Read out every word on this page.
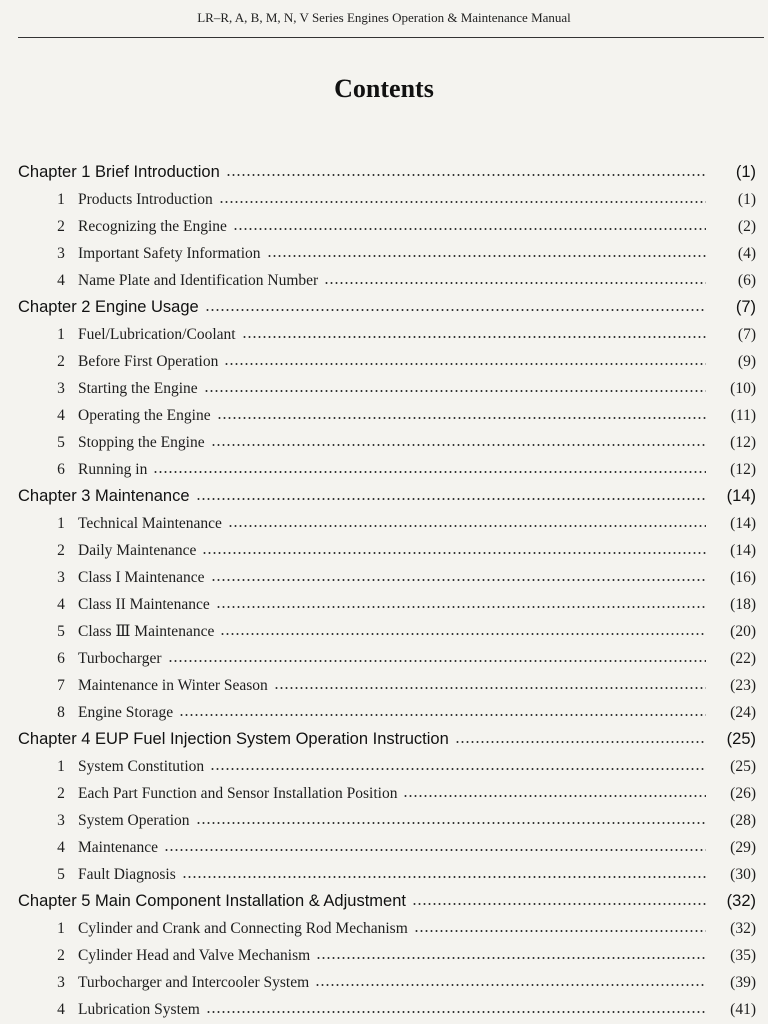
LR–R, A, B, M, N, V Series Engines Operation & Maintenance Manual
Contents
Chapter 1 Brief Introduction	(1)
1 Products Introduction	(1)
2 Recognizing the Engine	(2)
3 Important Safety Information	(4)
4 Name Plate and Identification Number	(6)
Chapter 2 Engine Usage	(7)
1 Fuel/Lubrication/Coolant	(7)
2 Before First Operation	(9)
3 Starting the Engine	(10)
4 Operating the Engine	(11)
5 Stopping the Engine	(12)
6 Running in	(12)
Chapter 3 Maintenance	(14)
1 Technical Maintenance	(14)
2 Daily Maintenance	(14)
3 Class I Maintenance	(16)
4 Class II Maintenance	(18)
5 Class Ⅲ Maintenance	(20)
6 Turbocharger	(22)
7 Maintenance in Winter Season	(23)
8 Engine Storage	(24)
Chapter 4 EUP Fuel Injection System Operation Instruction	(25)
1 System Constitution	(25)
2 Each Part Function and Sensor Installation Position	(26)
3 System Operation	(28)
4 Maintenance	(29)
5 Fault Diagnosis	(30)
Chapter 5 Main Component Installation & Adjustment	(32)
1 Cylinder and Crank and Connecting Rod Mechanism	(32)
2 Cylinder Head and Valve Mechanism	(35)
3 Turbocharger and Intercooler System	(39)
4 Lubrication System	(41)
